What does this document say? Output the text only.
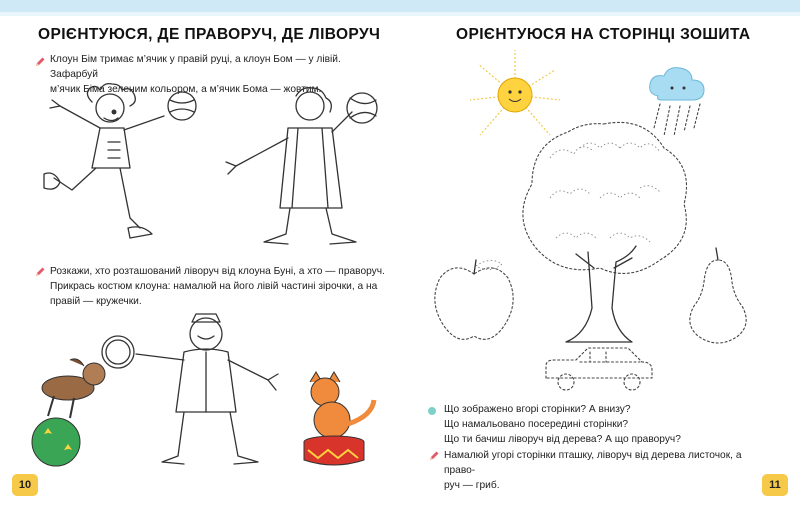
ОРІЄНТУЮСЯ, ДЕ ПРАВОРУЧ, ДЕ ЛІВОРУЧ
Клоун Бім тримає м’ячик у правій руці, а клоун Бом — у лівій. Зафарбуй
м’ячик Біма зеленим кольором, а м’ячик Бома — жовтим.
Розкажи, хто розташований ліворуч від клоуна Буні, а хто — праворуч.
Прикрась костюм клоуна: намалюй на його лівій частині зірочки, а на
правій — кружечки.
10
ОРІЄНТУЮСЯ НА СТОРІНЦІ ЗОШИТА
Що зображено вгорі сторінки? А внизу?
Що намальовано посередині сторінки?
Що ти бачиш ліворуч від дерева? А що праворуч?
Намалюй угорі сторінки пташку, ліворуч від дерева листочок, а право-
руч — гриб.	11
